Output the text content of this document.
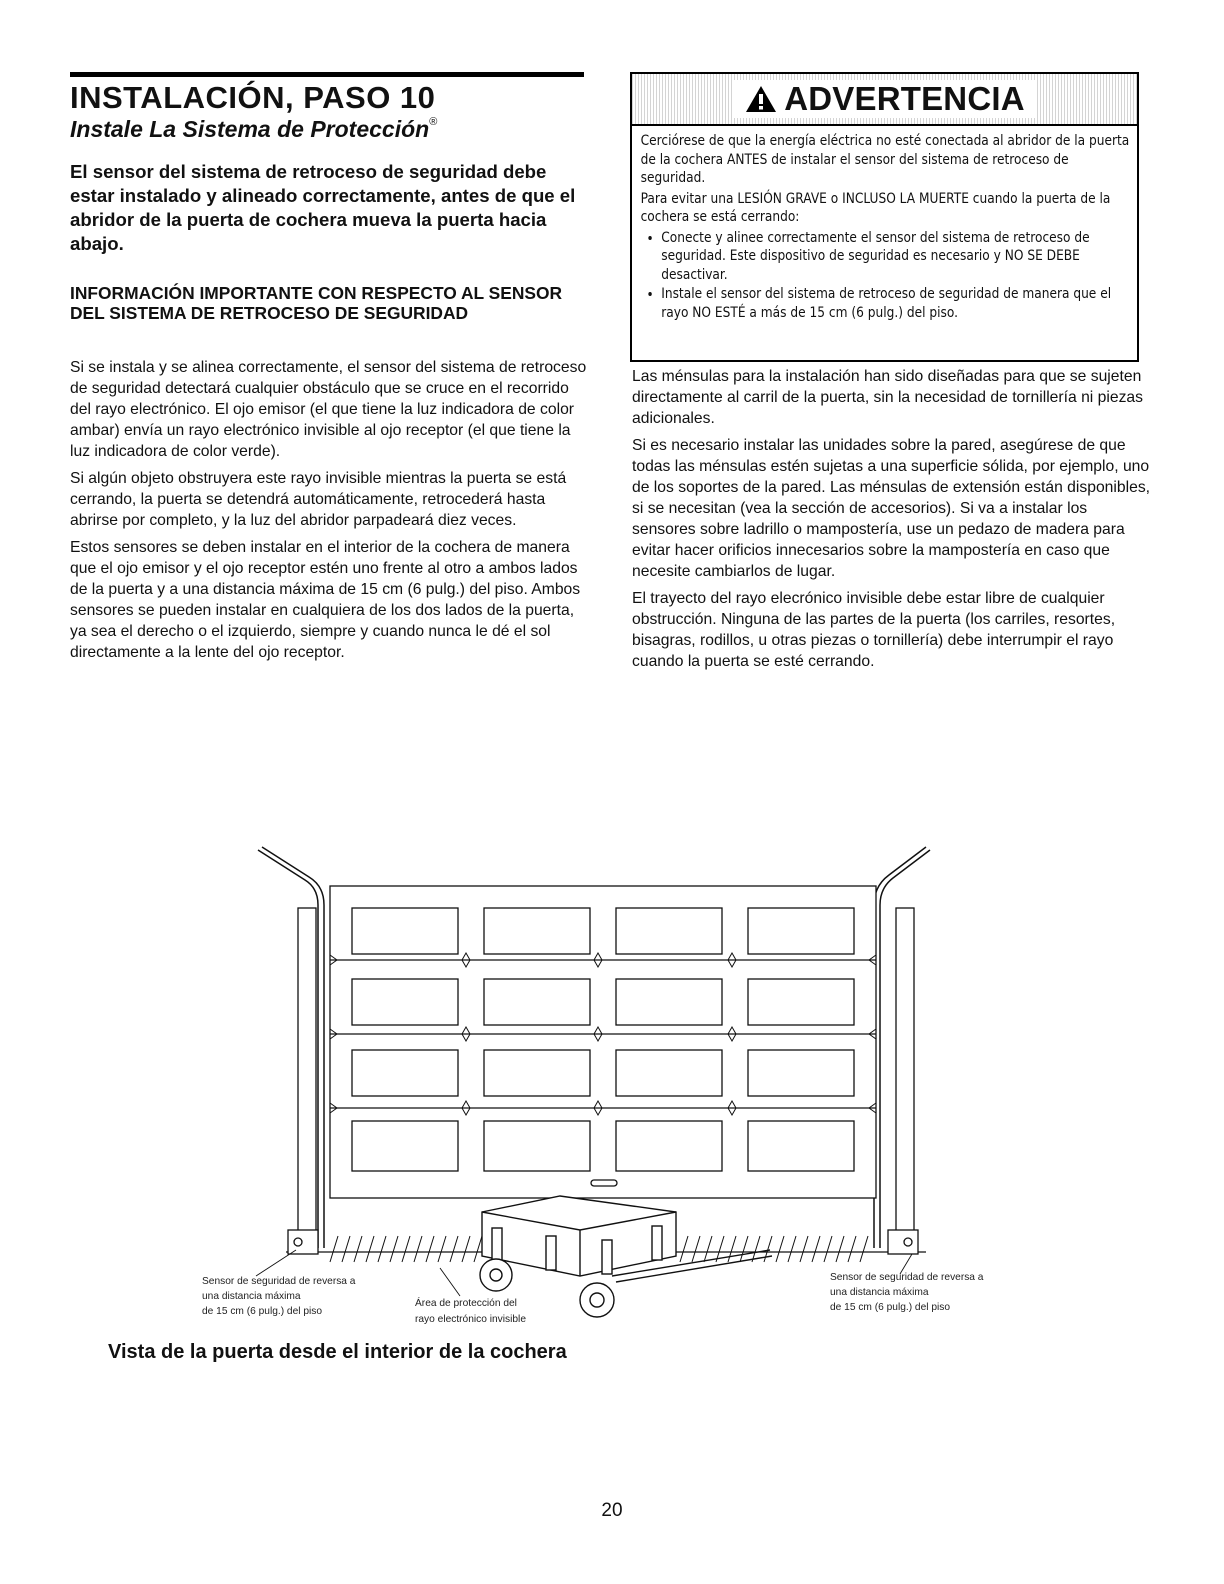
INSTALACIÓN, PASO 10
Instale La Sistema de Protección®

El sensor del sistema de retroceso de seguridad debe estar instalado y alineado correctamente, antes de que el abridor de la puerta de cochera mueva la puerta hacia abajo.

INFORMACIÓN IMPORTANTE CON RESPECTO AL SENSOR DEL SISTEMA DE RETROCESO DE SEGURIDAD

Si se instala y se alinea correctamente, el sensor del sistema de retroceso de seguridad detectará cualquier obstáculo que se cruce en el recorrido del rayo electrónico. El ojo emisor (el que tiene la luz indicadora de color ambar) envía un rayo electrónico invisible al ojo receptor (el que tiene la luz indicadora de color verde).

Si algún objeto obstruyera este rayo invisible mientras la puerta se está cerrando, la puerta se detendrá automáticamente, retrocederá hasta abrirse por completo, y la luz del abridor parpadeará diez veces.

Estos sensores se deben instalar en el interior de la cochera de manera que el ojo emisor y el ojo receptor estén uno frente al otro a ambos lados de la puerta y a una distancia máxima de 15 cm (6 pulg.) del piso. Ambos sensores se pueden instalar en cualquiera de los dos lados de la puerta, ya sea el derecho o el izquierdo, siempre y cuando nunca le dé el sol directamente a la lente del ojo receptor.

ADVERTENCIA

Cerciórese de que la energía eléctrica no esté conectada al abridor de la puerta de la cochera ANTES de instalar el sensor del sistema de retroceso de seguridad.

Para evitar una LESIÓN GRAVE o INCLUSO LA MUERTE cuando la puerta de la cochera se está cerrando:

• Conecte y alinee correctamente el sensor del sistema de retroceso de seguridad. Este dispositivo de seguridad es necesario y NO SE DEBE desactivar.
• Instale el sensor del sistema de retroceso de seguridad de manera que el rayo NO ESTÉ a más de 15 cm (6 pulg.) del piso.

Las ménsulas para la instalación han sido diseñadas para que se sujeten directamente al carril de la puerta, sin la necesidad de tornillería ni piezas adicionales.

Si es necesario instalar las unidades sobre la pared, asegúrese de que todas las ménsulas estén sujetas a una superficie sólida, por ejemplo, uno de los soportes de la pared. Las ménsulas de extensión están disponibles, si se necesitan (vea la sección de accesorios). Si va a instalar los sensores sobre ladrillo o mampostería, use un pedazo de madera para evitar hacer orificios innecesarios sobre la mampostería en caso que necesite cambiarlos de lugar.

El trayecto del rayo elecrónico invisible debe estar libre de cualquier obstrucción. Ninguna de las partes de la puerta (los carriles, resortes, bisagras, rodillos, u otras piezas o tornillería) debe interrumpir el rayo cuando la puerta se esté cerrando.

Sensor de seguridad de reversa a
una distancia máxima
de 15 cm (6 pulg.) del piso
Área de protección del
rayo electrónico invisible
Sensor de seguridad de reversa a
una distancia máxima
de 15 cm (6 pulg.) del piso

Vista de la puerta desde el interior de la cochera

20
